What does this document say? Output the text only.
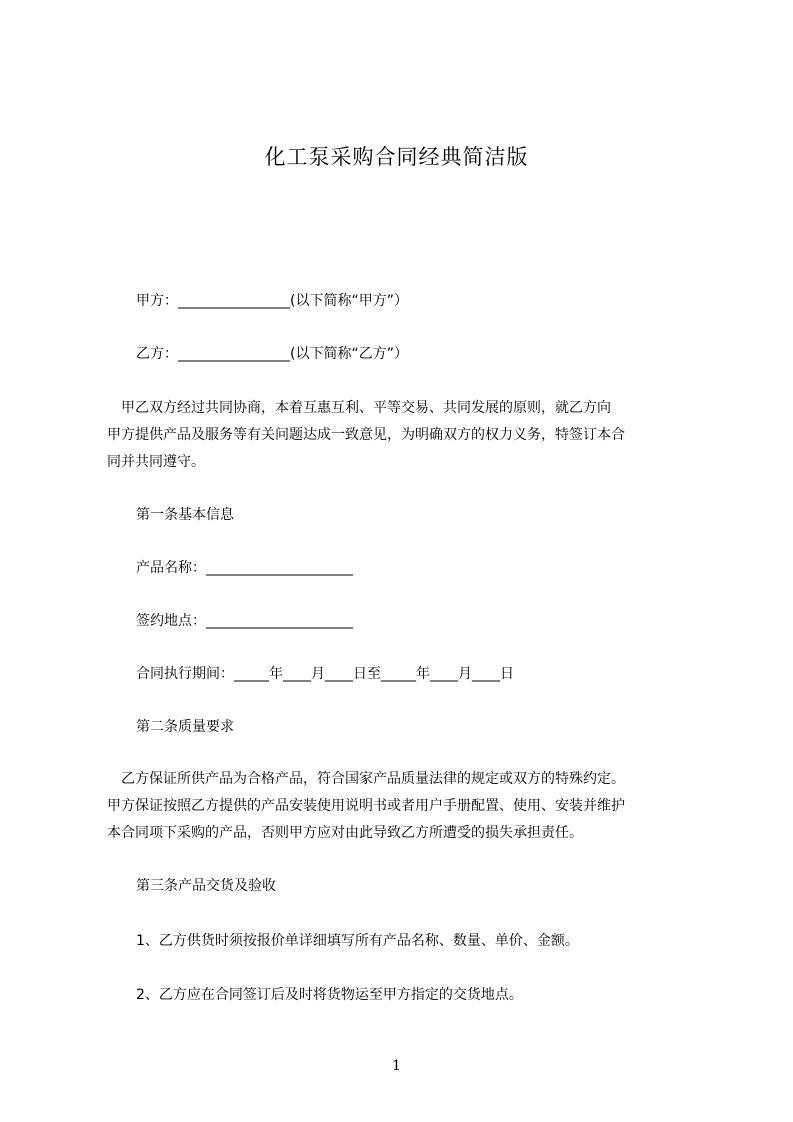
化工泵采购合同经典简洁版
甲方：________________(以下简称“甲方”）
乙方：________________(以下简称“乙方”）
　甲乙双方经过共同协商，本着互惠互利、平等交易、共同发展的原则，就乙方向
甲方提供产品及服务等有关问题达成一致意见，为明确双方的权力义务，特签订本合
同并共同遵守。
第一条基本信息
产品名称：_____________________
签约地点：_____________________
合同执行期间：_____年____月____日至_____年____月____日
第二条质量要求
　乙方保证所供产品为合格产品，符合国家产品质量法律的规定或双方的特殊约定。
甲方保证按照乙方提供的产品安装使用说明书或者用户手册配置、使用、安装并维护
本合同项下采购的产品，否则甲方应对由此导致乙方所遭受的损失承担责任。
第三条产品交货及验收
1、乙方供货时须按报价单详细填写所有产品名称、数量、单价、金额。
2、乙方应在合同签订后及时将货物运至甲方指定的交货地点。
1
